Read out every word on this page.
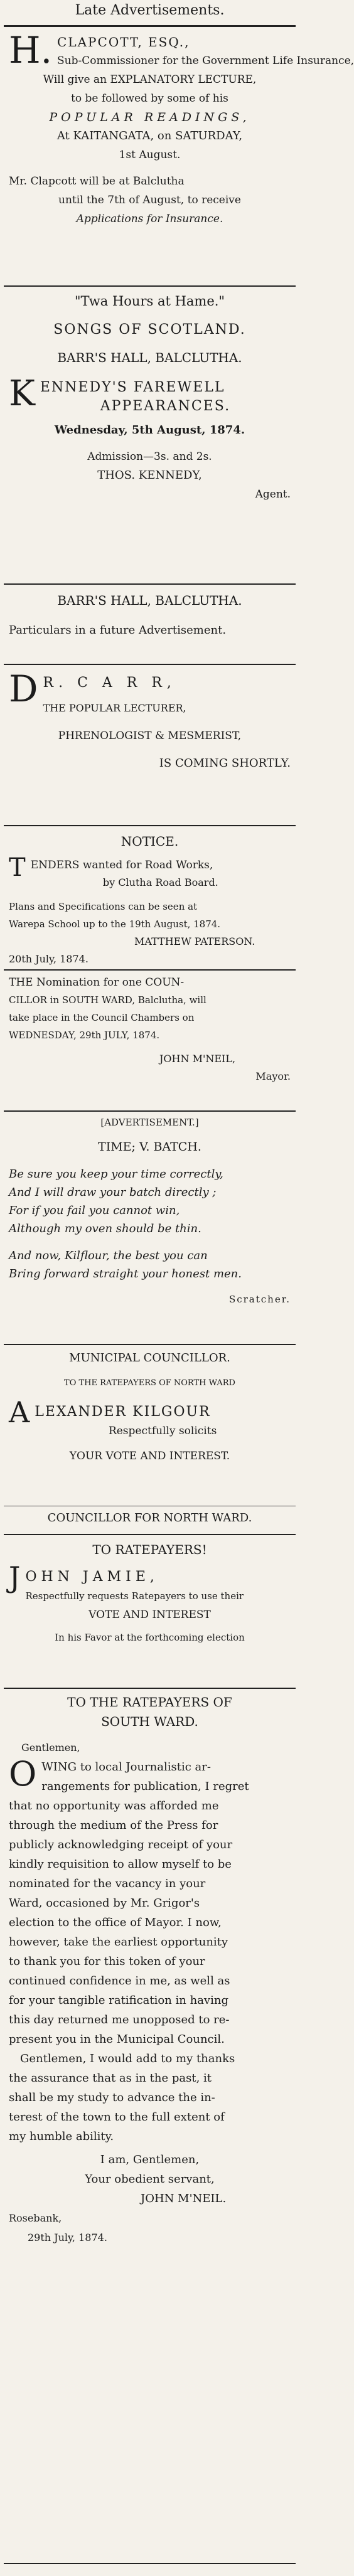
Late Advertisements.
H. CLAPCOTT, ESQ.,
Sub-Commissioner for the Government Life Insurance,
Will give an EXPLANATORY LECTURE,
to be followed by some of his
POPULAR READINGS,
At KAITANGATA, on SATURDAY,
1st August.
Mr. Clapcott will be at Balclutha
until the 7th of August, to receive
Applications for Insurance.
"Twa Hours at Hame."
SONGS OF SCOTLAND.
BARR'S HALL, BALCLUTHA.
K ENNEDY'S FAREWELL
APPEARANCES.
Wednesday, 5th August, 1874.
Admission—3s. and 2s.
THOS. KENNEDY,
Agent.
BARR'S HALL, BALCLUTHA.
Particulars in a future Advertisement.
D R. C A R R,
THE POPULAR LECTURER,
PHRENOLOGIST & MESMERIST,
IS COMING SHORTLY.
NOTICE.
T ENDERS wanted for Road Works,
by Clutha Road Board.
Plans and Specifications can be seen at
Warepa School up to the 19th August, 1874.
MATTHEW PATERSON.
20th July, 1874.
THE Nomination for one COUN-
CILLOR in SOUTH WARD, Balclutha, will
take place in the Council Chambers on
WEDNESDAY, 29th JULY, 1874.
JOHN M'NEIL,
Mayor.
[ADVERTISEMENT.]
TIME; V. BATCH.
Be sure you keep your time correctly,
And I will draw your batch directly ;
For if you fail you cannot win,
Although my oven should be thin.
And now, Kilflour, the best you can
Bring forward straight your honest men.
Scratcher.
MUNICIPAL COUNCILLOR.
TO THE RATEPAYERS OF NORTH WARD
A LEXANDER KILGOUR
Respectfully solicits
YOUR VOTE AND INTEREST.
COUNCILLOR FOR NORTH WARD.
TO RATEPAYERS!
J OHN JAMIE,
Respectfully requests Ratepayers to use their
VOTE AND INTEREST
In his Favor at the forthcoming election
TO THE RATEPAYERS OF
SOUTH WARD.
Gentlemen,
O WING to local Journalistic ar-
rangements for publication, I regret
that no opportunity was afforded me
through the medium of the Press for
publicly acknowledging receipt of your
kindly requisition to allow myself to be
nominated for the vacancy in your
Ward, occasioned by Mr. Grigor's
election to the office of Mayor. I now,
however, take the earliest opportunity
to thank you for this token of your
continued confidence in me, as well as
for your tangible ratification in having
this day returned me unopposed to re-
present you in the Municipal Council.
Gentlemen, I would add to my thanks
the assurance that as in the past, it
shall be my study to advance the in-
terest of the town to the full extent of
my humble ability.
I am, Gentlemen,
Your obedient servant,
JOHN M'NEIL.
Rosebank,
29th July, 1874.
